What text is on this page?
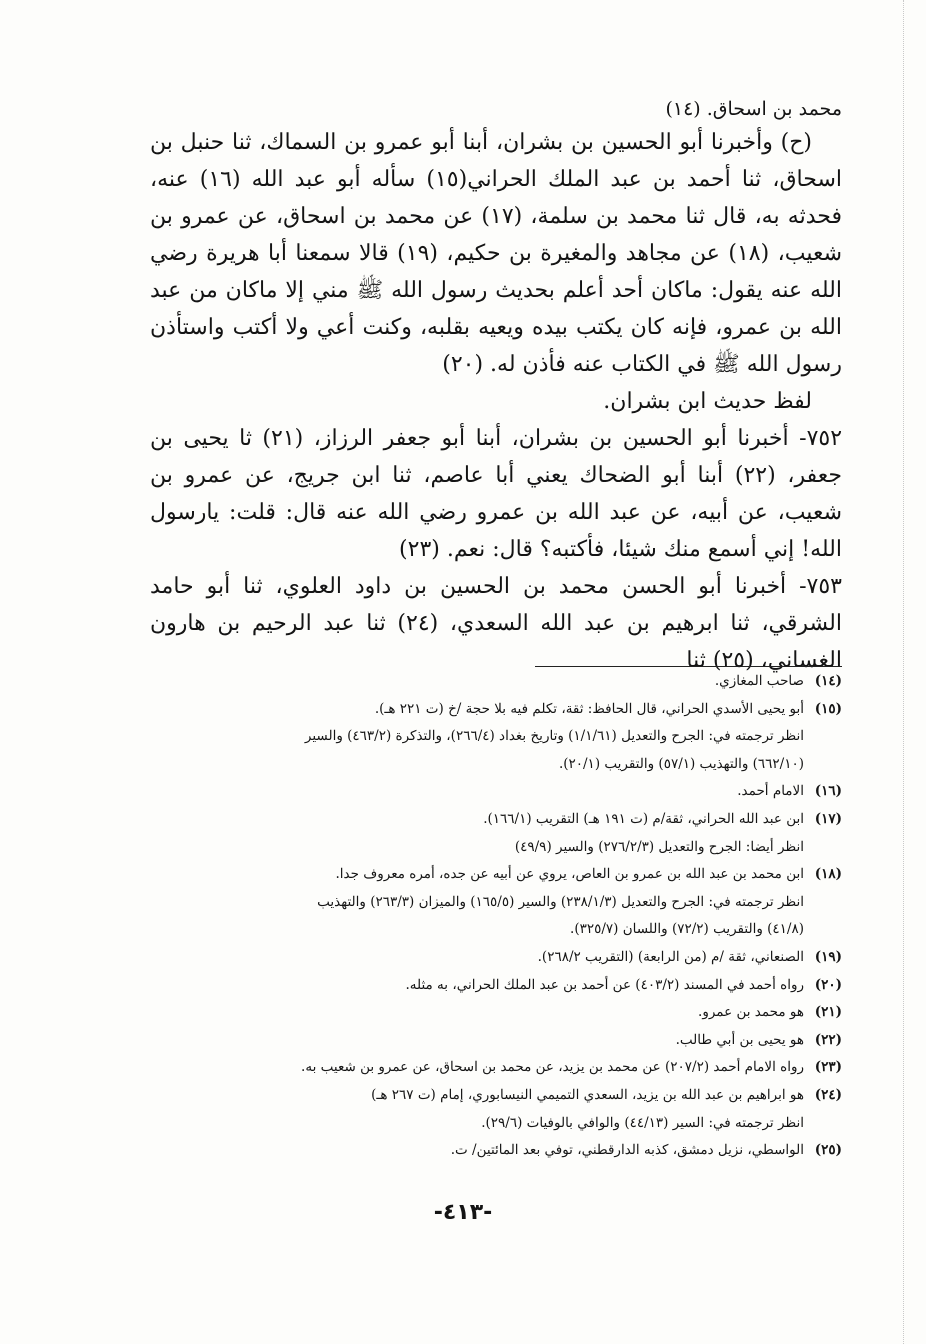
محمد بن اسحاق. (١٤)

(ح) وأخبرنا أبو الحسين بن بشران، أبنا أبو عمرو بن السماك، ثنا حنبل بن اسحاق، ثنا أحمد بن عبد الملك الحراني(١٥) سأله أبو عبد الله (١٦) عنه، فحدثه به، قال ثنا محمد بن سلمة، (١٧) عن محمد بن اسحاق، عن عمرو بن شعيب، (١٨) عن مجاهد والمغيرة بن حكيم، (١٩) قالا سمعنا أبا هريرة رضي الله عنه يقول: ماكان أحد أعلم بحديث رسول الله ﷺ مني إلا ماكان من عبد الله بن عمرو، فإنه كان يكتب بيده ويعيه بقلبه، وكنت أعي ولا أكتب واستأذن رسول الله ﷺ في الكتاب عنه فأذن له. (٢٠)

لفظ حديث ابن بشران.

٧٥٢- أخبرنا أبو الحسين بن بشران، أبنا أبو جعفر الرزاز، (٢١) ثا يحيى بن جعفر، (٢٢) أبنا أبو الضحاك يعني أبا عاصم، ثنا ابن جريج، عن عمرو بن شعيب، عن أبيه، عن عبد الله بن عمرو رضي الله عنه قال: قلت: يارسول الله! إني أسمع منك شيئا، فأكتبه؟ قال: نعم. (٢٣)

٧٥٣- أخبرنا أبو الحسن محمد بن الحسين بن داود العلوي، ثنا أبو حامد الشرقي، ثنا ابرهيم بن عبد الله السعدي، (٢٤) ثنا عبد الرحيم بن هارون الغساني، (٢٥) ثنا

(١٤)صاحب المغازي.

(١٥)أبو يحيى الأسدي الحراني، قال الحافظ: ثقة، تكلم فيه بلا حجة /خ (ت ٢٢١ هـ).

انظر ترجمته في: الجرح والتعديل (١/١/٦١) وتاريخ بغداد (٢٦٦/٤)، والتذكرة (٤٦٣/٢) والسير

(٦٦٢/١٠) والتهذيب (٥٧/١) والتقريب (٢٠/١).

(١٦)الامام أحمد.

(١٧)ابن عبد الله الحراني، ثقة/م (ت ١٩١ هـ) التقريب (١٦٦/١).

انظر أيضا: الجرح والتعديل (٢٧٦/٢/٣) والسير (٤٩/٩)

(١٨)ابن محمد بن عبد الله بن عمرو بن العاص، يروي عن أبيه عن جده، أمره معروف جدا.

انظر ترجمته في: الجرح والتعديل (٢٣٨/١/٣) والسير (١٦٥/٥) والميزان (٢٦٣/٣) والتهذيب

(٤١/٨) والتقريب (٧٢/٢) واللسان (٣٢٥/٧).

(١٩)الصنعاني، ثقة /م (من الرابعة) (التقريب ٢٦٨/٢).

(٢٠)رواه أحمد في المسند (٤٠٣/٢) عن أحمد بن عبد الملك الحراني، به مثله.

(٢١)هو محمد بن عمرو.

(٢٢)هو يحيى بن أبي طالب.

(٢٣)رواه الامام أحمد (٢٠٧/٢) عن محمد بن يزيد، عن محمد بن اسحاق، عن عمرو بن شعيب به.

(٢٤)هو ابراهيم بن عبد الله بن يزيد، السعدي التميمي النيسابوري، إمام (ت ٢٦٧ هـ)

انظر ترجمته في: السير (٤٤/١٣) والوافي بالوفيات (٢٩/٦).

(٢٥)الواسطي، نزيل دمشق، كذبه الدارقطني، توفي بعد المائتين/ ت.

-٤١٣-
